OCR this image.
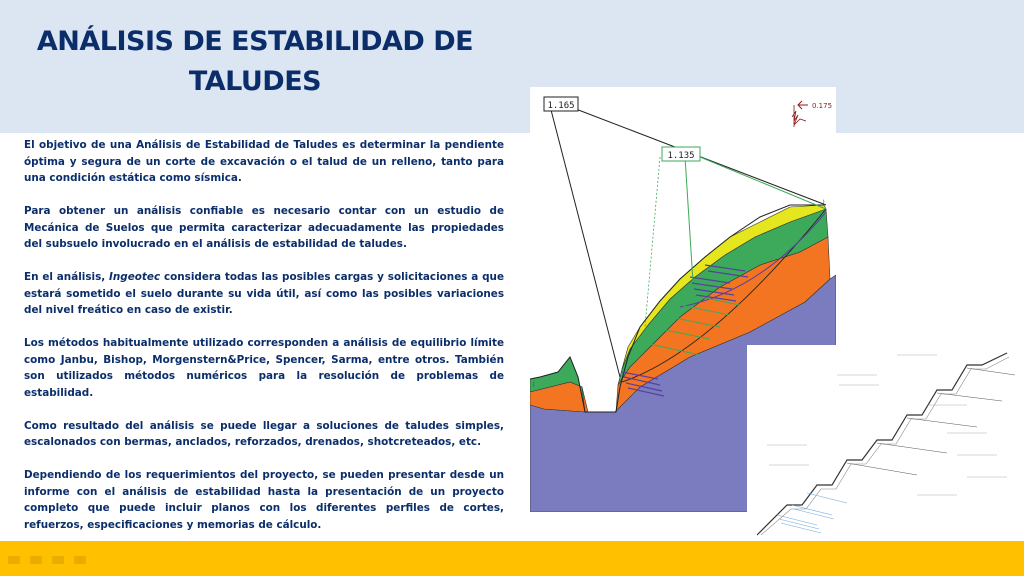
ANÁLISIS DE ESTABILIDAD DE TALUDES

El objetivo de una Análisis de Estabilidad de Taludes es determinar la pendiente óptima y segura de un corte de excavación o el talud de un relleno, tanto para una condición estática como sísmica.

Para obtener un análisis confiable es necesario contar con un estudio de Mecánica de Suelos que permita caracterizar adecuadamente las propiedades del subsuelo involucrado en el análisis de estabilidad de taludes.

En el análisis, Ingeotec considera todas las posibles cargas y solicitaciones a que estará sometido el suelo durante su vida útil, así como las posibles variaciones del nivel freático en caso de existir.

Los métodos habitualmente utilizado corresponden a análisis de equilibrio límite como Janbu, Bishop, Morgenstern&Price, Spencer, Sarma, entre otros. También son utilizados métodos numéricos para la resolución de problemas de estabilidad.

Como resultado del análisis se puede llegar a soluciones de taludes simples, escalonados con bermas, anclados, reforzados, drenados, shotcreteados, etc.

Dependiendo de los requerimientos del proyecto, se pueden presentar desde un informe con el análisis de estabilidad hasta la presentación de un proyecto completo que puede incluir planos con los diferentes perfiles de cortes, refuerzos, especificaciones y memorias de cálculo.

1.165
1.135
0.175
⌇
⌇
